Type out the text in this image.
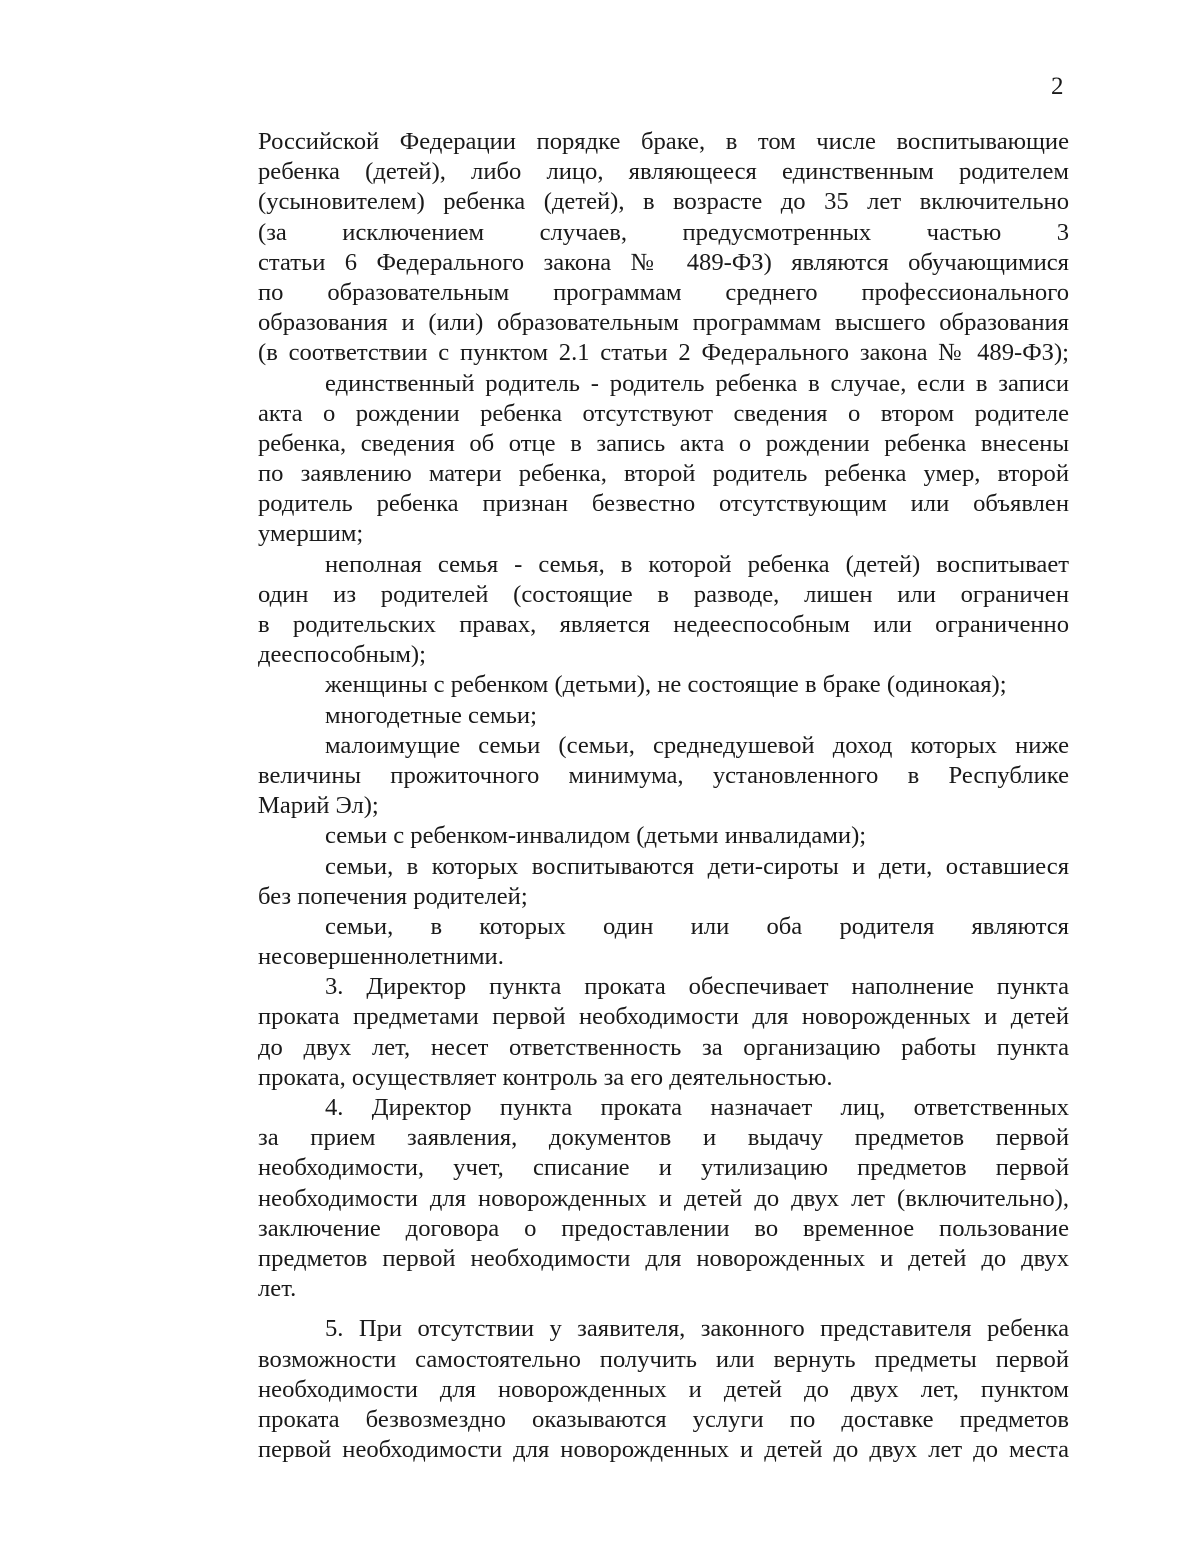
2

Российской Федерации порядке браке, в том числе воспитывающие
ребенка (детей), либо лицо, являющееся единственным родителем
(усыновителем) ребенка (детей), в возрасте до 35 лет включительно
(за исключением случаев, предусмотренных частью 3
статьи 6 Федерального закона № 489-ФЗ) являются обучающимися
по образовательным программам среднего профессионального
образования и (или) образовательным программам высшего образования
(в соответствии с пунктом 2.1 статьи 2 Федерального закона № 489-ФЗ);

единственный родитель - родитель ребенка в случае, если в записи
акта о рождении ребенка отсутствуют сведения о втором родителе
ребенка, сведения об отце в запись акта о рождении ребенка внесены
по заявлению матери ребенка, второй родитель ребенка умер, второй
родитель ребенка признан безвестно отсутствующим или объявлен
умершим;

неполная семья - семья, в которой ребенка (детей) воспитывает
один из родителей (состоящие в разводе, лишен или ограничен
в родительских правах, является недееспособным или ограниченно
дееспособным);

женщины с ребенком (детьми), не состоящие в браке (одинокая);

многодетные семьи;

малоимущие семьи (семьи, среднедушевой доход которых ниже
величины прожиточного минимума, установленного в Республике
Марий Эл);

семьи с ребенком-инвалидом (детьми инвалидами);

семьи, в которых воспитываются дети-сироты и дети, оставшиеся
без попечения родителей;

семьи, в которых один или оба родителя являются
несовершеннолетними.

3. Директор пункта проката обеспечивает наполнение пункта
проката предметами первой необходимости для новорожденных и детей
до двух лет, несет ответственность за организацию работы пункта
проката, осуществляет контроль за его деятельностью.

4. Директор пункта проката назначает лиц, ответственных
за прием заявления, документов и выдачу предметов первой
необходимости, учет, списание и утилизацию предметов первой
необходимости для новорожденных и детей до двух лет (включительно),
заключение договора о предоставлении во временное пользование
предметов первой необходимости для новорожденных и детей до двух
лет.

5. При отсутствии у заявителя, законного представителя ребенка
возможности самостоятельно получить или вернуть предметы первой
необходимости для новорожденных и детей до двух лет, пунктом
проката безвозмездно оказываются услуги по доставке предметов
первой необходимости для новорожденных и детей до двух лет до места
